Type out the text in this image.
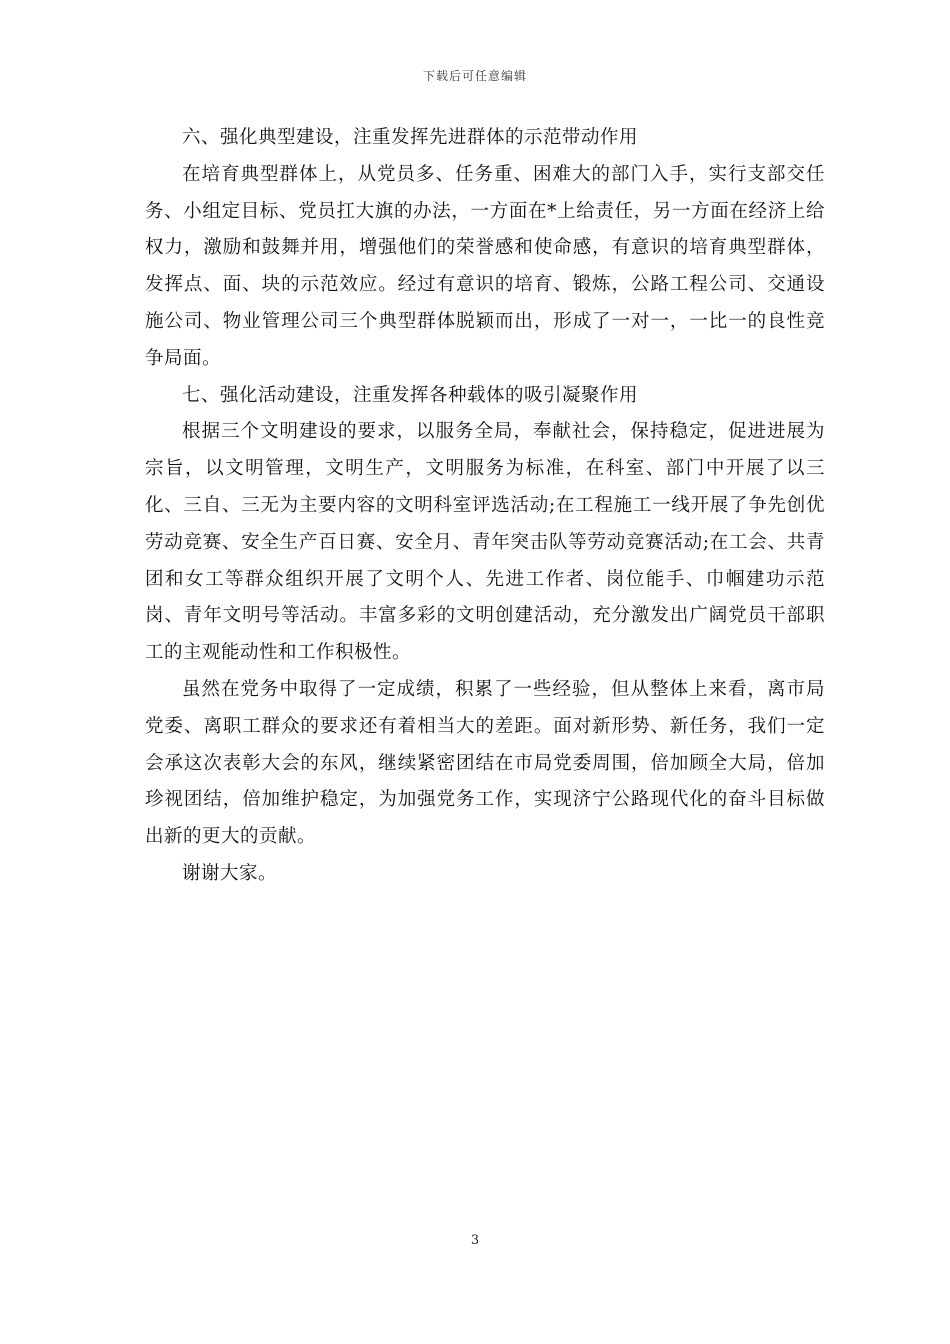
下载后可任意编辑

六、强化典型建设，注重发挥先进群体的示范带动作用

在培育典型群体上，从党员多、任务重、困难大的部门入手，实行支部交任务、小组定目标、党员扛大旗的办法，一方面在*上给责任，另一方面在经济上给权力，激励和鼓舞并用，增强他们的荣誉感和使命感，有意识的培育典型群体，发挥点、面、块的示范效应。经过有意识的培育、锻炼，公路工程公司、交通设施公司、物业管理公司三个典型群体脱颖而出，形成了一对一，一比一的良性竞争局面。

七、强化活动建设，注重发挥各种载体的吸引凝聚作用

根据三个文明建设的要求，以服务全局，奉献社会，保持稳定，促进进展为宗旨，以文明管理，文明生产，文明服务为标准，在科室、部门中开展了以三化、三自、三无为主要内容的文明科室评选活动;在工程施工一线开展了争先创优劳动竞赛、安全生产百日赛、安全月、青年突击队等劳动竞赛活动;在工会、共青团和女工等群众组织开展了文明个人、先进工作者、岗位能手、巾帼建功示范岗、青年文明号等活动。丰富多彩的文明创建活动，充分激发出广阔党员干部职工的主观能动性和工作积极性。

虽然在党务中取得了一定成绩，积累了一些经验，但从整体上来看，离市局党委、离职工群众的要求还有着相当大的差距。面对新形势、新任务，我们一定会承这次表彰大会的东风，继续紧密团结在市局党委周围，倍加顾全大局，倍加珍视团结，倍加维护稳定，为加强党务工作，实现济宁公路现代化的奋斗目标做出新的更大的贡献。

谢谢大家。

3
